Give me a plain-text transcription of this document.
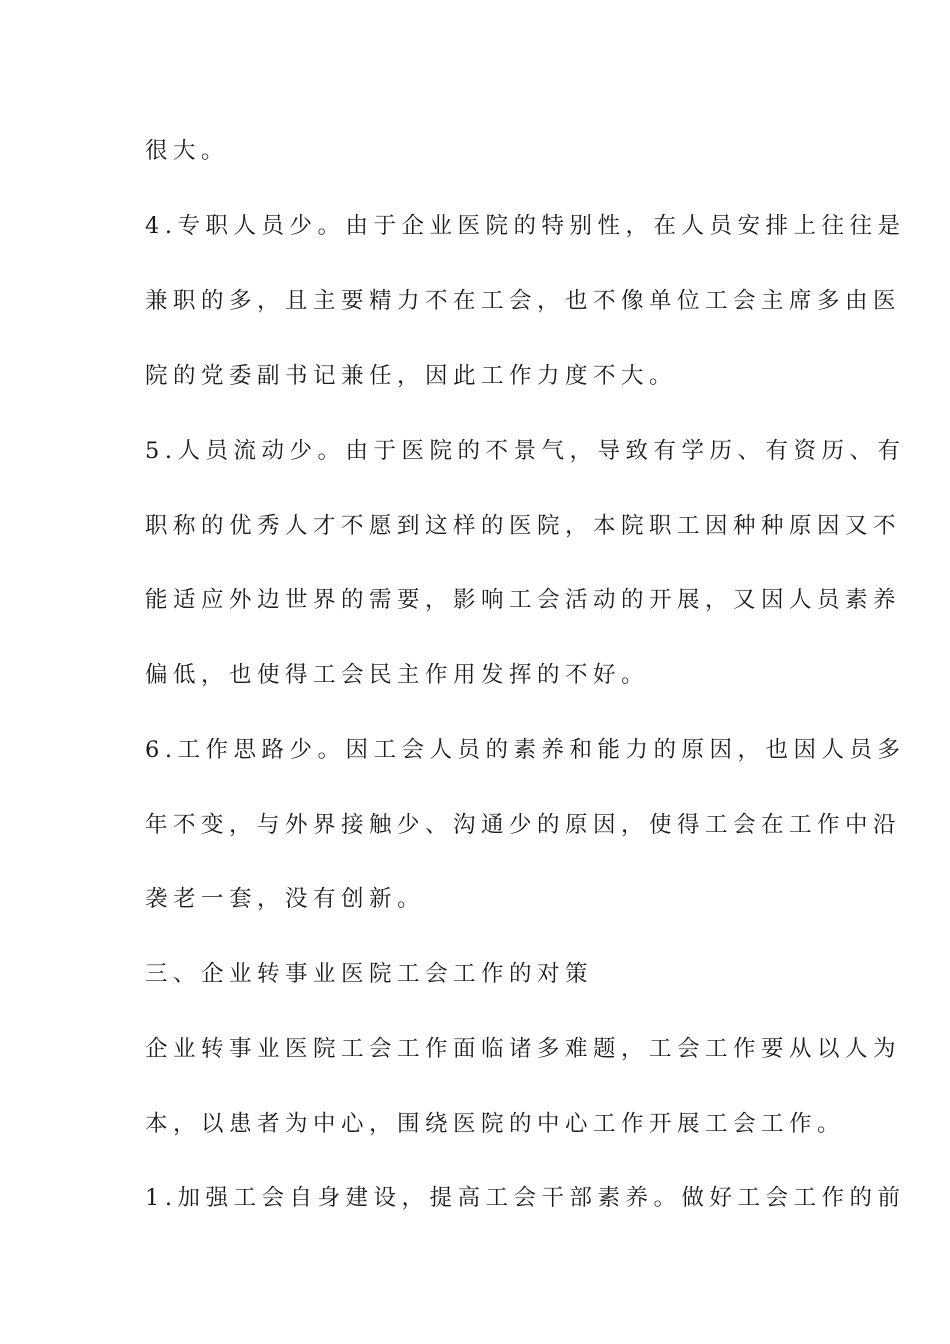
很大。
4.专职人员少。由于企业医院的特别性，在人员安排上往往是
兼职的多，且主要精力不在工会，也不像单位工会主席多由医
院的党委副书记兼任，因此工作力度不大。
5.人员流动少。由于医院的不景气，导致有学历、有资历、有
职称的优秀人才不愿到这样的医院，本院职工因种种原因又不
能适应外边世界的需要，影响工会活动的开展，又因人员素养
偏低，也使得工会民主作用发挥的不好。
6.工作思路少。因工会人员的素养和能力的原因，也因人员多
年不变，与外界接触少、沟通少的原因，使得工会在工作中沿
袭老一套，没有创新。
三、企业转事业医院工会工作的对策
企业转事业医院工会工作面临诸多难题，工会工作要从以人为
本，以患者为中心，围绕医院的中心工作开展工会工作。
1.加强工会自身建设，提高工会干部素养。做好工会工作的前
